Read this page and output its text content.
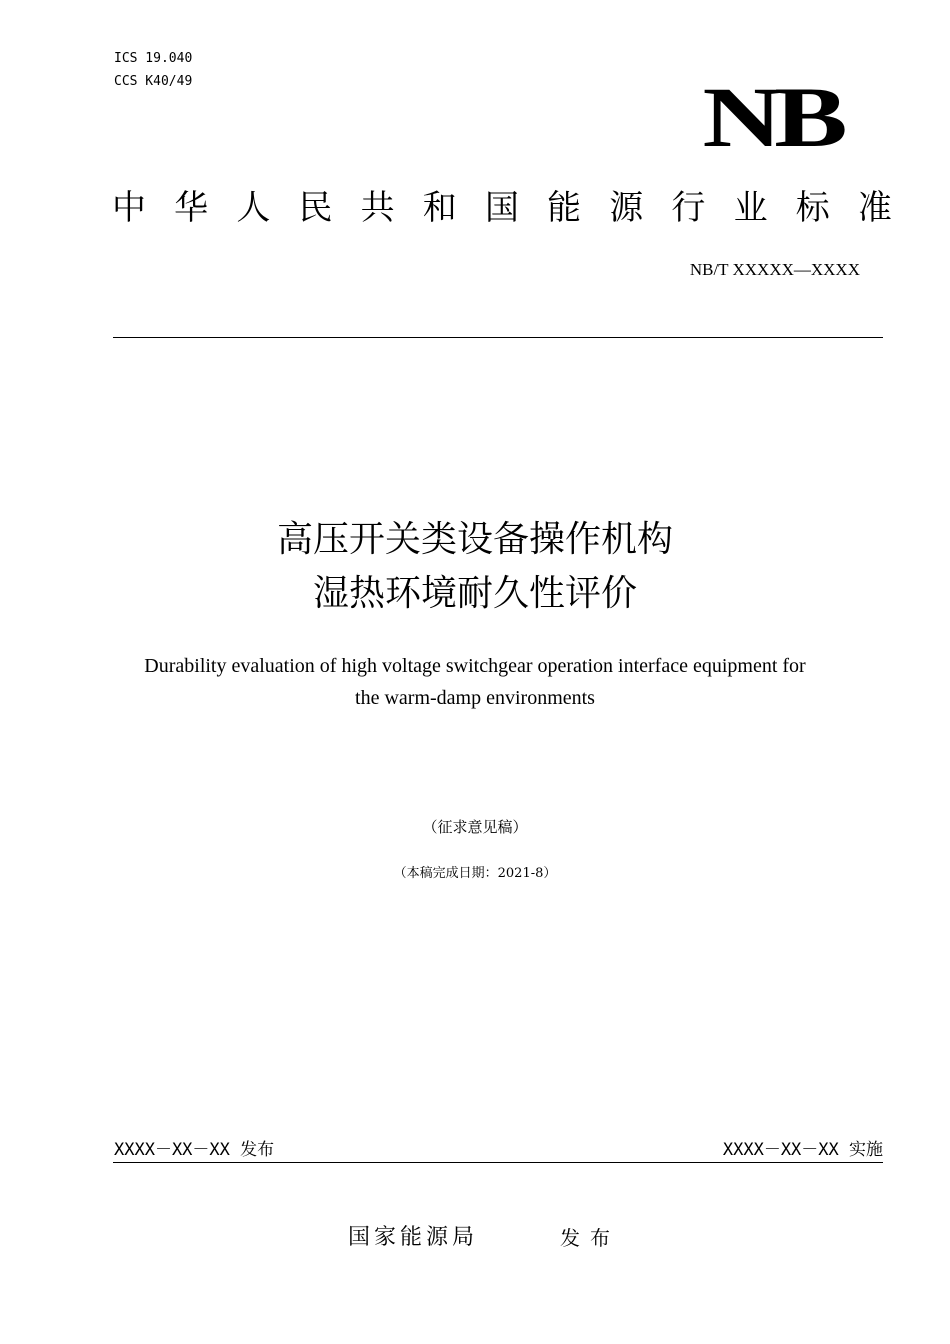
ICS 19.040
CCS K40/49	NB
中 华 人 民 共 和 国 能 源 行 业 标 准
NB/T XXXXX—XXXX
高压开关类设备操作机构
湿热环境耐久性评价
Durability evaluation of high voltage switchgear operation interface equipment for
the warm-damp environments
（征求意见稿）
（本稿完成日期：2021-8）
XXXX－XX－XX 发布	XXXX－XX－XX 实施
国家能源局	发布
